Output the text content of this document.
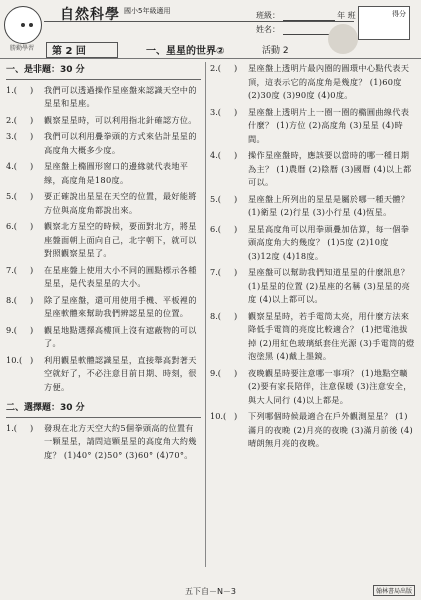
勝勤學習
自然科學 國小5年級適用	班級：	年 班
姓名：
得分
第 2 回	一、星星的世界②	活動 2
一、是非題：30 分
1.(	)	我們可以透過操作星座盤來認識天空中的星星和星座。
2.(	)	觀察星星時，可以利用指北針確認方位。
3.(	)	我們可以利用疊拳頭的方式來估計星星的高度角大概多少度。
4.(	)	星座盤上橢圓形窗口的邊緣就代表地平線，高度角是180度。
5.(	)	要正確說出星星在天空的位置，最好能將方位與高度角都說出來。
6.(	)	觀察北方星空的時候，要面對北方，將星座盤面朝上面向自己，北字朝下，就可以對照觀察星星了。
7.(	)	在星座盤上使用大小不同的圓點標示各種星星，是代表星星的大小。
8.(	)	除了星座盤，還可用使用手機、平板裡的星座軟體來幫助我們辨認星星的位置。
9.(	)	觀星地點選擇高樓頂上沒有遮蔽物的可以了。
10.( )	利用觀星軟體認識星星，直接舉高對著天空就好了，不必注意目前日期、時刻，很方便。
二、選擇題：30 分
1.(	)	發現在北方天空大約5個拳頭高的位置有一顆星星，請問這顆星星的高度角大約幾度？ (1)40° (2)50° (3)60° (4)70°。
2.(	)	星座盤上透明片最內圈的圓環中心點代表天頂，這表示它的高度角是幾度？ (1)60度 (2)30度 (3)90度 (4)0度。
3.(	)	星座盤上透明片上一圈一圈的橢圓曲線代表什麼？ (1)方位 (2)高度角 (3)星星 (4)時間。
4.(	)	操作星座盤時，應該要以當時的哪一種日期為主？ (1)農曆 (2)陰曆 (3)國曆 (4)以上都可以。
5.(	)	星座盤上所列出的星星是屬於哪一種天體？ (1)衛星 (2)行星 (3)小行星 (4)恆星。
6.(	)	星星高度角可以用拳頭疊加估算，每一個拳頭高度角大約幾度？ (1)5度 (2)10度 (3)12度 (4)18度。
7.(	)	星座盤可以幫助我們知道星星的什麼訊息？ (1)星星的位置 (2)星座的名稱 (3)星星的亮度 (4)以上都可以。
8.(	)	觀察星星時，若手電筒太亮，用什麼方法來降低手電筒的亮度比較適合？ (1)把電池拔掉 (2)用紅色玻璃紙套住光源 (3)手電筒的燈泡塗黑 (4)戴上墨鏡。
9.(	)	夜晚觀星時要注意哪一事項？ (1)地點空曠 (2)要有家長陪伴，注意保暖 (3)注意安全，與大人同行 (4)以上都是。
10.( )	下列哪個時候最適合在戶外觀測星星？ (1)滿月的夜晚 (2)月亮的夜晚 (3)滿月前後 (4)晴朗無月亮的夜晚。
五下自－N－3	翰林書局出版
